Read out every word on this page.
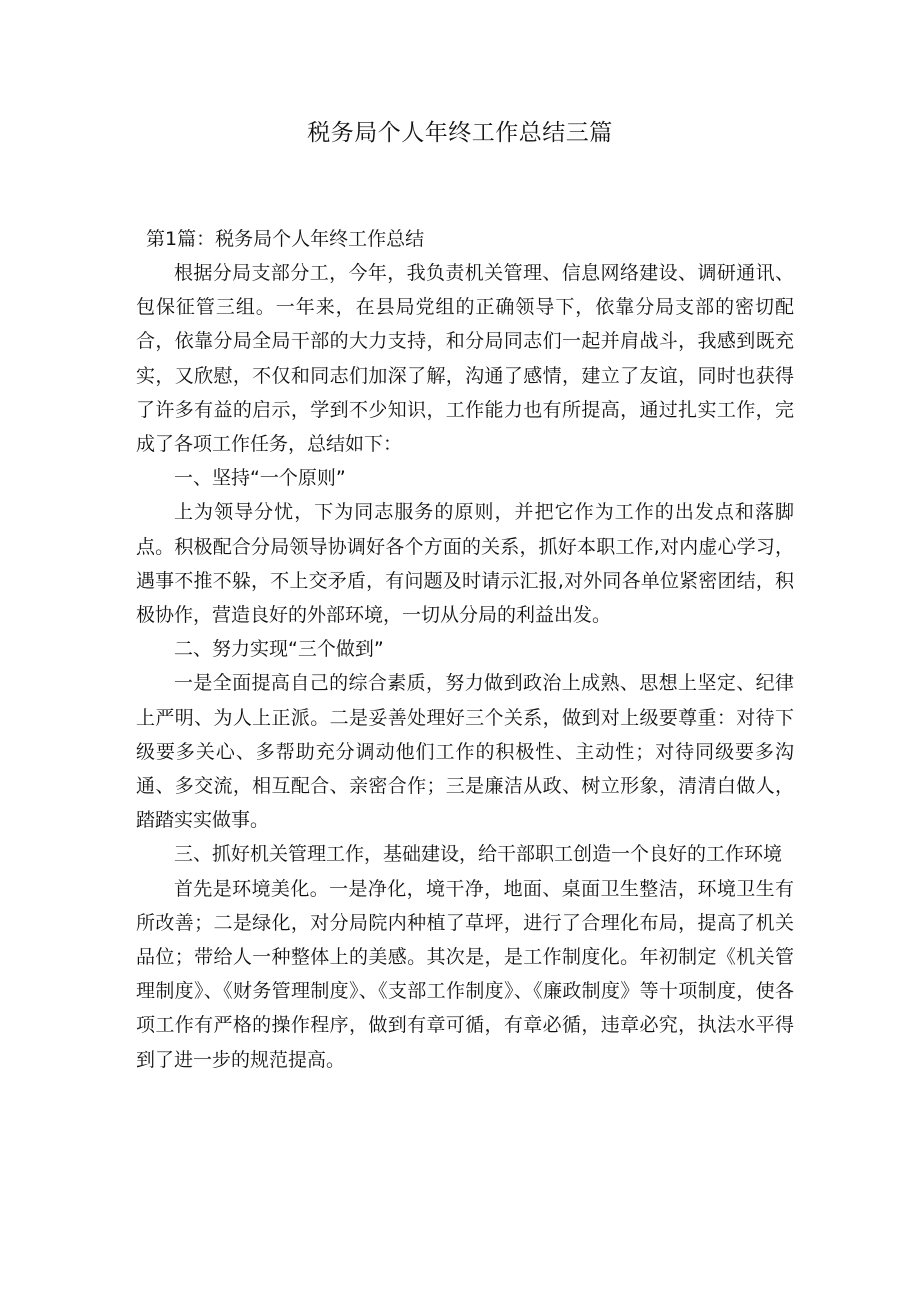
税务局个人年终工作总结三篇

第1篇：税务局个人年终工作总结

根据分局支部分工，今年，我负责机关管理、信息网络建设、调研通讯、包保征管三组。一年来，在县局党组的正确领导下，依靠分局支部的密切配合，依靠分局全局干部的大力支持，和分局同志们一起并肩战斗，我感到既充实，又欣慰，不仅和同志们加深了解，沟通了感情，建立了友谊，同时也获得了许多有益的启示，学到不少知识，工作能力也有所提高，通过扎实工作，完成了各项工作任务，总结如下：

一、坚持“一个原则”

上为领导分忧，下为同志服务的原则，并把它作为工作的出发点和落脚点。积极配合分局领导协调好各个方面的关系，抓好本职工作,对内虚心学习，遇事不推不躲，不上交矛盾，有问题及时请示汇报,对外同各单位紧密团结，积极协作，营造良好的外部环境，一切从分局的利益出发。

二、努力实现“三个做到”

一是全面提高自己的综合素质，努力做到政治上成熟、思想上坚定、纪律上严明、为人上正派。二是妥善处理好三个关系，做到对上级要尊重：对待下级要多关心、多帮助充分调动他们工作的积极性、主动性；对待同级要多沟通、多交流，相互配合、亲密合作；三是廉洁从政、树立形象，清清白做人，踏踏实实做事。

三、抓好机关管理工作，基础建设，给干部职工创造一个良好的工作环境

首先是环境美化。一是净化，境干净，地面、桌面卫生整洁，环境卫生有所改善；二是绿化，对分局院内种植了草坪，进行了合理化布局，提高了机关品位；带给人一种整体上的美感。其次是，是工作制度化。年初制定《机关管理制度》、《财务管理制度》、《支部工作制度》、《廉政制度》等十项制度，使各项工作有严格的操作程序，做到有章可循，有章必循，违章必究，执法水平得到了进一步的规范提高。
